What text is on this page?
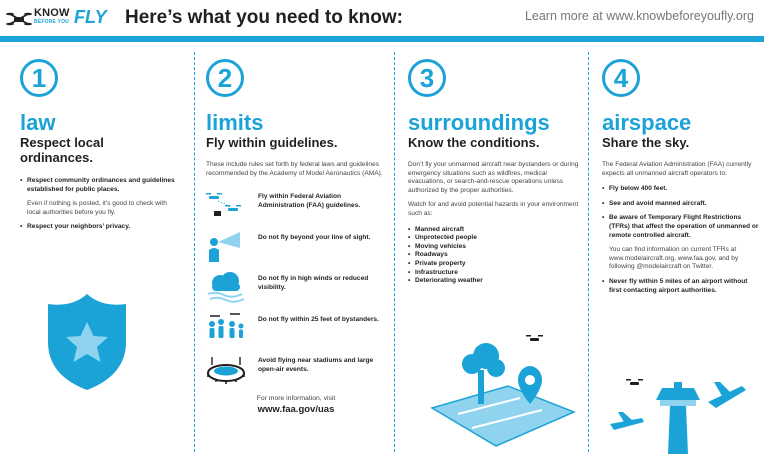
KNOW
BEFORE YOU FLY Here’s what you need to know:	Learn more at www.knowbeforeyoufly.org
1
law
Respect local ordinances.
• Respect community ordinances and guidelines established for public places.
Even if nothing is posted, it’s good to check with local authorities before you fly.
• Respect your neighbors’ privacy.
2
limits
Fly within guidelines.
These include rules set forth by federal laws and guidelines recommended by the Academy of Model Aeronautics (AMA).
Fly within Federal Aviation Administration (FAA) guidelines.
Do not fly beyond your line of sight.
Do not fly in high winds or reduced visibility.
Do not fly within 25 feet of bystanders.
Avoid flying near stadiums and large open-air events.
For more information, visit
www.faa.gov/uas
3
surroundings
Know the conditions.
Don’t fly your unmanned aircraft near bystanders or during emergency situations such as wildfires, medical evacuations, or search-and-rescue operations unless authorized by the proper authorities.
Watch for and avoid potential hazards in your environment such as:
• Manned aircraft
• Unprotected people
• Moving vehicles
• Roadways
• Private property
• Infrastructure
• Deteriorating weather
4
airspace
Share the sky.
The Federal Aviation Administration (FAA) currently expects all unmanned aircraft operators to:
• Fly below 400 feet.
• See and avoid manned aircraft.
• Be aware of Temporary Flight Restrictions (TFRs) that affect the operation of unmanned or remote controlled aircraft.
You can find information on current TFRs at www.modelaircraft.org, www.faa.gov, and by following @modelaircraft on Twitter.
• Never fly within 5 miles of an airport without first contacting airport authorities.
